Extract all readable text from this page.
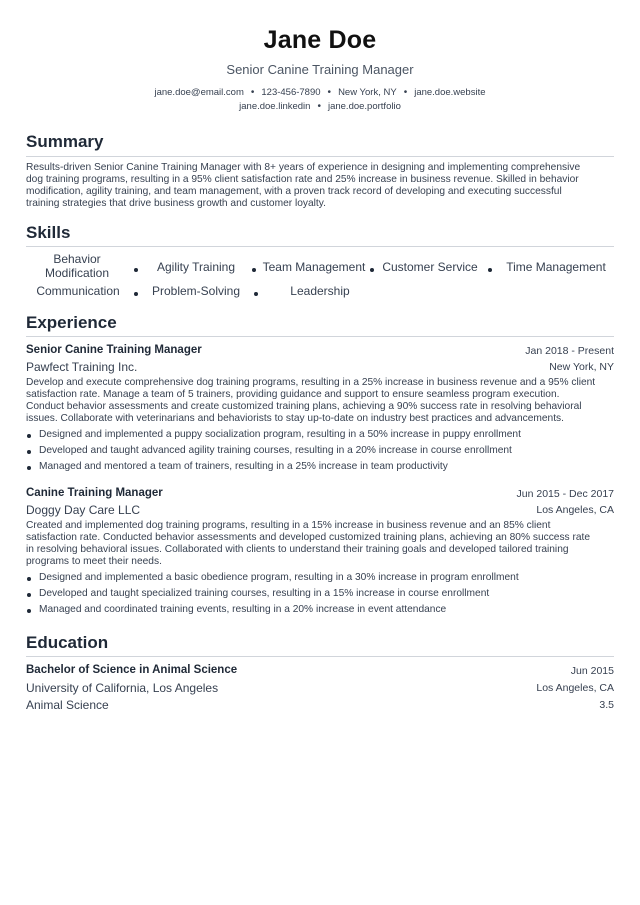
Jane Doe
Senior Canine Training Manager
jane.doe@email.com • 123-456-7890 • New York, NY • jane.doe.website
jane.doe.linkedin • jane.doe.portfolio
Summary
Results-driven Senior Canine Training Manager with 8+ years of experience in designing and implementing comprehensive
dog training programs, resulting in a 95% client satisfaction rate and 25% increase in business revenue. Skilled in behavior
modification, agility training, and team management, with a proven track record of developing and executing successful
training strategies that drive business growth and customer loyalty.
Skills
Behavior Modification	Agility Training	Team Management	Customer Service	Time Management
Communication	Problem-Solving	Leadership
Experience
Senior Canine Training Manager	Jan 2018 - Present
Pawfect Training Inc.	New York, NY
Develop and execute comprehensive dog training programs, resulting in a 25% increase in business revenue and a 95% client
satisfaction rate. Manage a team of 5 trainers, providing guidance and support to ensure seamless program execution.
Conduct behavior assessments and create customized training plans, achieving a 90% success rate in resolving behavioral
issues. Collaborate with veterinarians and behaviorists to stay up-to-date on industry best practices and advancements.
Designed and implemented a puppy socialization program, resulting in a 50% increase in puppy enrollment
Developed and taught advanced agility training courses, resulting in a 20% increase in course enrollment
Managed and mentored a team of trainers, resulting in a 25% increase in team productivity
Canine Training Manager	Jun 2015 - Dec 2017
Doggy Day Care LLC	Los Angeles, CA
Created and implemented dog training programs, resulting in a 15% increase in business revenue and an 85% client
satisfaction rate. Conducted behavior assessments and developed customized training plans, achieving an 80% success rate
in resolving behavioral issues. Collaborated with clients to understand their training goals and developed tailored training
programs to meet their needs.
Designed and implemented a basic obedience program, resulting in a 30% increase in program enrollment
Developed and taught specialized training courses, resulting in a 15% increase in course enrollment
Managed and coordinated training events, resulting in a 20% increase in event attendance
Education
Bachelor of Science in Animal Science	Jun 2015
University of California, Los Angeles	Los Angeles, CA
Animal Science	3.5
